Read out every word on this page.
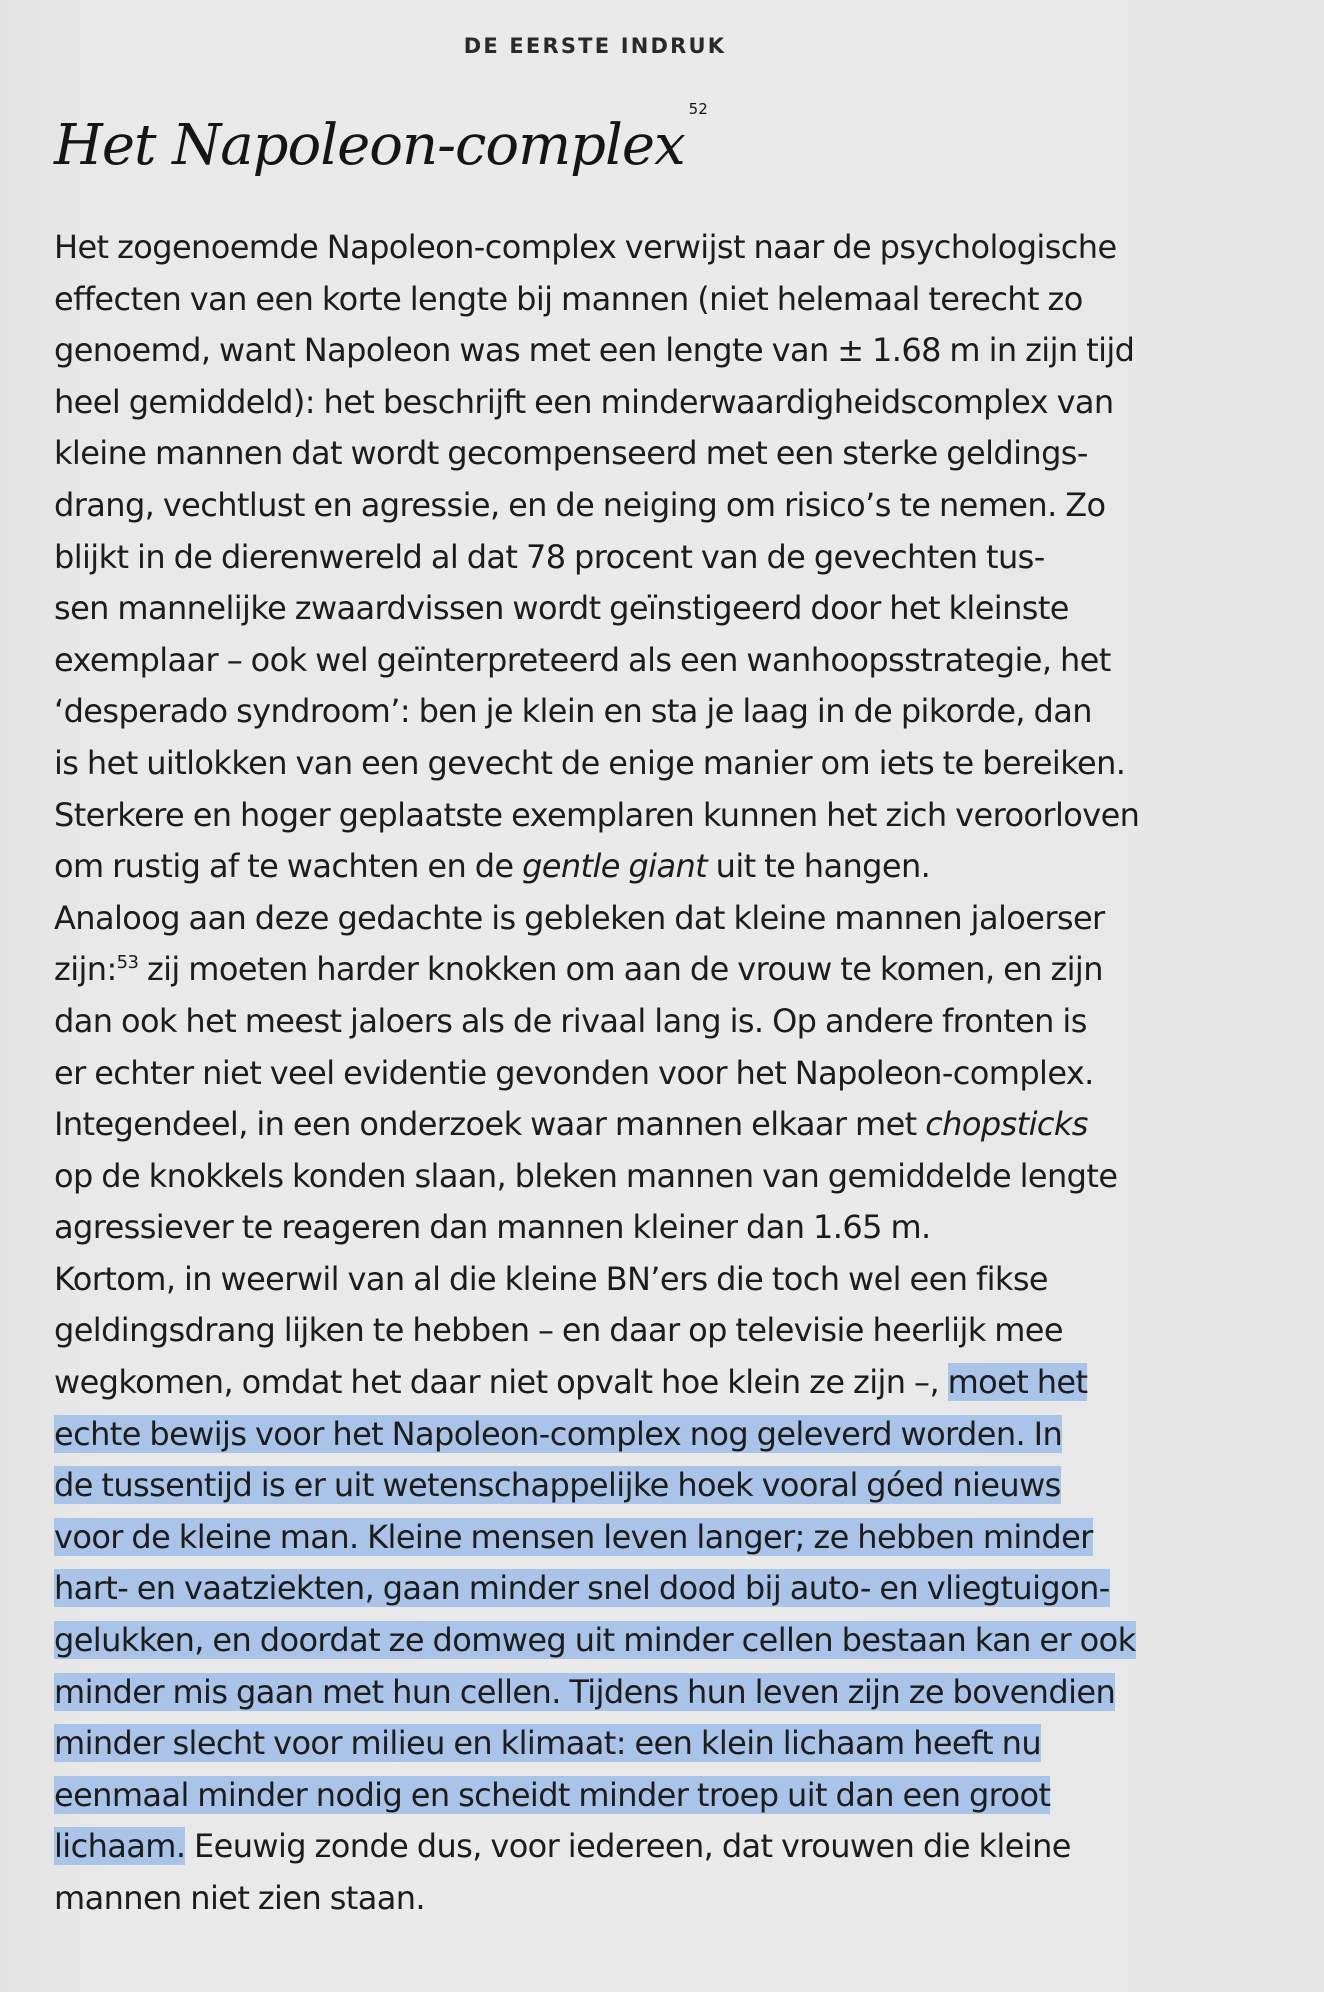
DE EERSTE INDRUK
Het Napoleon-complex$^{52}$
Het zogenoemde Napoleon-complex verwijst naar de psychologische
effecten van een korte lengte bij mannen (niet helemaal terecht zo
genoemd, want Napoleon was met een lengte van ± 1.68 m in zijn tijd
heel gemiddeld): het beschrijft een minderwaardigheidscomplex van
kleine mannen dat wordt gecompenseerd met een sterke geldings-
drang, vechtlust en agressie, en de neiging om risico’s te nemen. Zo
blijkt in de dierenwereld al dat 78 procent van de gevechten tus-
sen mannelijke zwaardvissen wordt geïnstigeerd door het kleinste
exemplaar – ook wel geïnterpreteerd als een wanhoopsstrategie, het
‘desperado syndroom’: ben je klein en sta je laag in de pikorde, dan
is het uitlokken van een gevecht de enige manier om iets te bereiken.
Sterkere en hoger geplaatste exemplaren kunnen het zich veroorloven
om rustig af te wachten en de gentle giant uit te hangen.
Analoog aan deze gedachte is gebleken dat kleine mannen jaloerser
zijn:$^{53}$ zij moeten harder knokken om aan de vrouw te komen, en zijn
dan ook het meest jaloers als de rivaal lang is. Op andere fronten is
er echter niet veel evidentie gevonden voor het Napoleon-complex.
Integendeel, in een onderzoek waar mannen elkaar met chopsticks
op de knokkels konden slaan, bleken mannen van gemiddelde lengte
agressiever te reageren dan mannen kleiner dan 1.65 m.
Kortom, in weerwil van al die kleine BN’ers die toch wel een fikse
geldingsdrang lijken te hebben – en daar op televisie heerlijk mee
wegkomen, omdat het daar niet opvalt hoe klein ze zijn –, moet het
echte bewijs voor het Napoleon-complex nog geleverd worden. In
de tussentijd is er uit wetenschappelijke hoek vooral góed nieuws
voor de kleine man. Kleine mensen leven langer; ze hebben minder
hart- en vaatziekten, gaan minder snel dood bij auto- en vliegtuigon-
gelukken, en doordat ze domweg uit minder cellen bestaan kan er ook
minder mis gaan met hun cellen. Tijdens hun leven zijn ze bovendien
minder slecht voor milieu en klimaat: een klein lichaam heeft nu
eenmaal minder nodig en scheidt minder troep uit dan een groot
lichaam. Eeuwig zonde dus, voor iedereen, dat vrouwen die kleine
mannen niet zien staan.
